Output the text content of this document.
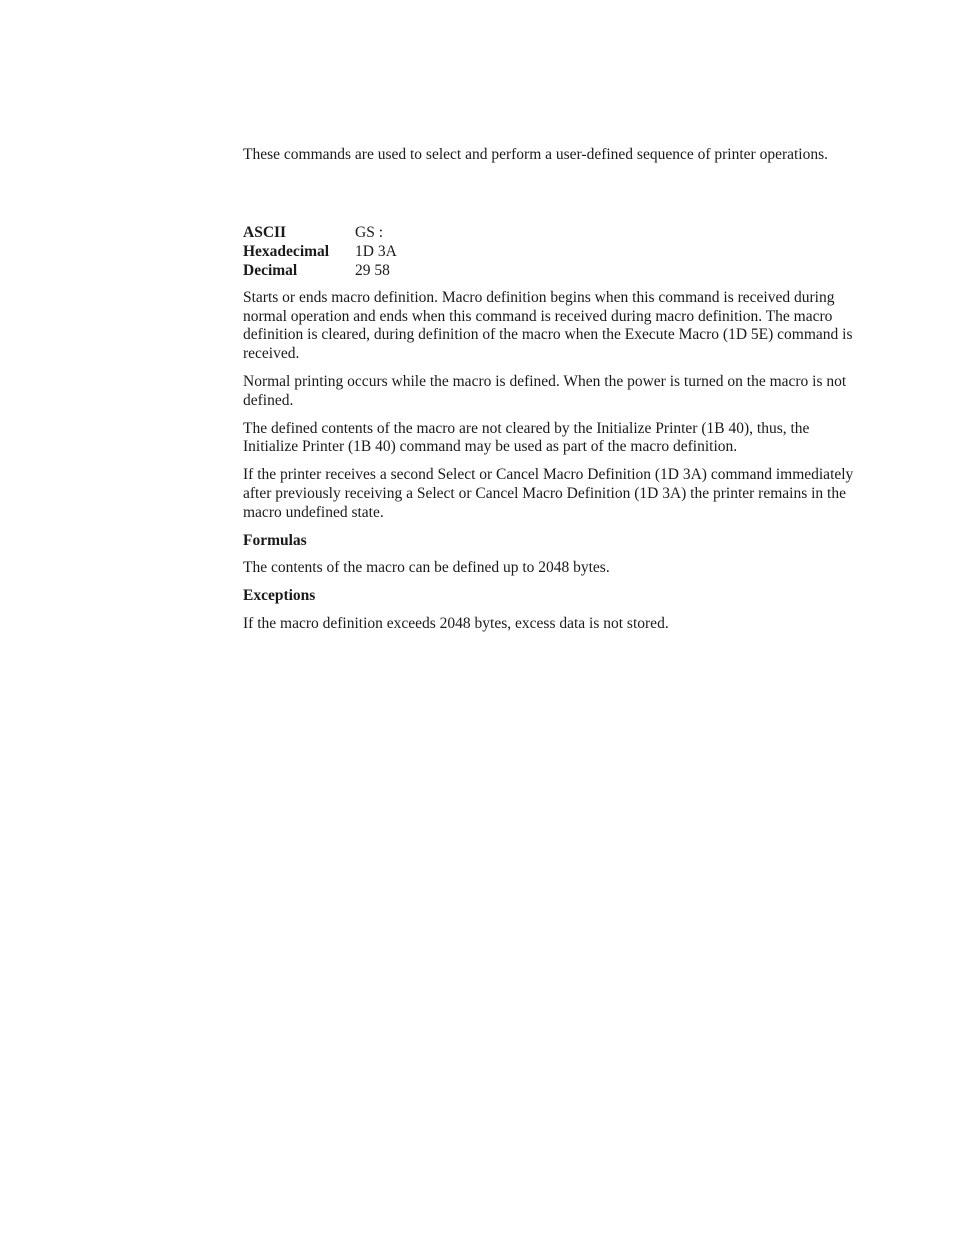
These commands are used to select and perform a user-defined sequence of printer operations.

ASCII	GS :
Hexadecimal	1D 3A
Decimal	29 58

Starts or ends macro definition. Macro definition begins when this command is received during normal operation and ends when this command is received during macro definition. The macro definition is cleared, during definition of the macro when the Execute Macro (1D 5E) command is received.

Normal printing occurs while the macro is defined. When the power is turned on the macro is not defined.

The defined contents of the macro are not cleared by the Initialize Printer (1B 40), thus, the Initialize Printer (1B 40) command may be used as part of the macro definition.

If the printer receives a second Select or Cancel Macro Definition (1D 3A) command immediately after previously receiving a Select or Cancel Macro Definition (1D 3A) the printer remains in the macro undefined state.

Formulas

The contents of the macro can be defined up to 2048 bytes.

Exceptions

If the macro definition exceeds 2048 bytes, excess data is not stored.
